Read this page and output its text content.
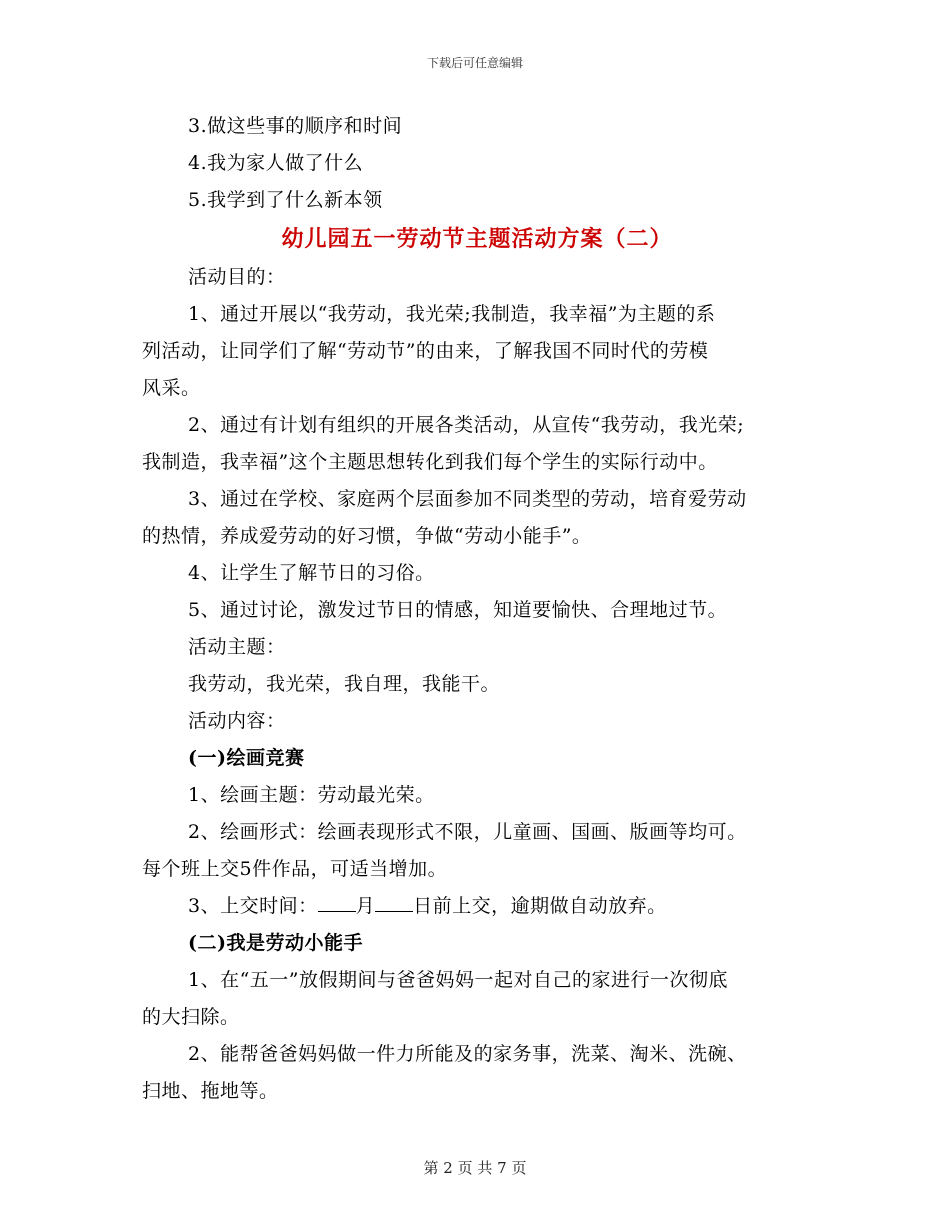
下载后可任意编辑
3.做这些事的顺序和时间
4.我为家人做了什么
5.我学到了什么新本领
幼儿园五一劳动节主题活动方案（二）
活动目的：
1、通过开展以“我劳动，我光荣;我制造，我幸福”为主题的系
列活动，让同学们了解“劳动节”的由来，了解我国不同时代的劳模
风采。
2、通过有计划有组织的开展各类活动，从宣传“我劳动，我光荣;
我制造，我幸福”这个主题思想转化到我们每个学生的实际行动中。
3、通过在学校、家庭两个层面参加不同类型的劳动，培育爱劳动
的热情，养成爱劳动的好习惯，争做“劳动小能手”。
4、让学生了解节日的习俗。
5、通过讨论，激发过节日的情感，知道要愉快、合理地过节。
活动主题：
我劳动，我光荣，我自理，我能干。
活动内容：
(一)绘画竞赛
1、绘画主题：劳动最光荣。
2、绘画形式：绘画表现形式不限，儿童画、国画、版画等均可。
每个班上交5件作品，可适当增加。
3、上交时间： 月 日前上交，逾期做自动放弃。
(二)我是劳动小能手
1、在“五一”放假期间与爸爸妈妈一起对自己的家进行一次彻底
的大扫除。
2、能帮爸爸妈妈做一件力所能及的家务事，洗菜、淘米、洗碗、
扫地、拖地等。
第 2 页 共 7 页
